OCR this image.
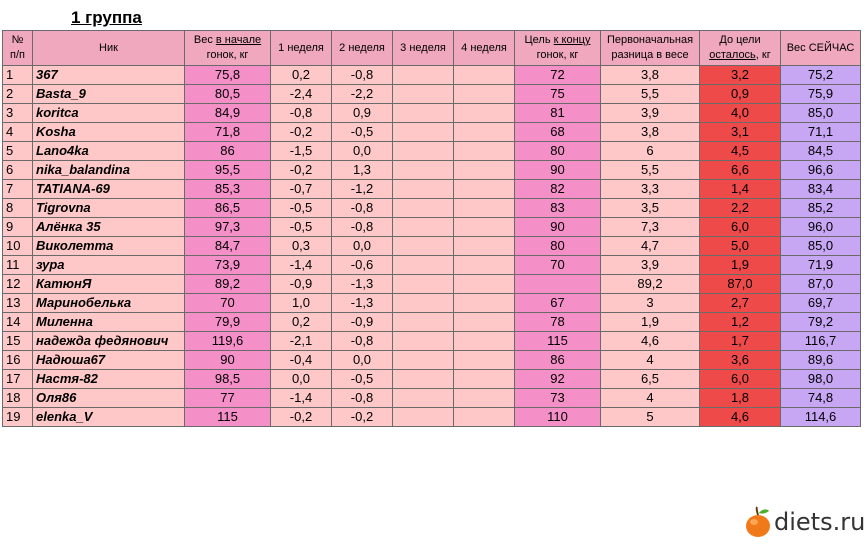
1 группа
№
п/п	Ник	Вес в начале гонок, кг	1 неделя	2 неделя	3 неделя	4 неделя	Цель к концу гонок, кг	Первоначальная разница в весе	До цели осталось, кг	Вес СЕЙЧАС
1	367	75,8	0,2	-0,8			72	3,8	3,2	75,2
2	Basta_9	80,5	-2,4	-2,2			75	5,5	0,9	75,9
3	koritca	84,9	-0,8	0,9			81	3,9	4,0	85,0
4	Kosha	71,8	-0,2	-0,5			68	3,8	3,1	71,1
5	Lano4ka	86	-1,5	0,0			80	6	4,5	84,5
6	nika_balandina	95,5	-0,2	1,3			90	5,5	6,6	96,6
7	TATIANA-69	85,3	-0,7	-1,2			82	3,3	1,4	83,4
8	Tigrovna	86,5	-0,5	-0,8			83	3,5	2,2	85,2
9	Алёнка 35	97,3	-0,5	-0,8			90	7,3	6,0	96,0
10	Виколетта	84,7	0,3	0,0			80	4,7	5,0	85,0
11	зура	73,9	-1,4	-0,6			70	3,9	1,9	71,9
12	КатюнЯ	89,2	-0,9	-1,3				89,2	87,0	87,0
13	Маринобелька	70	1,0	-1,3			67	3	2,7	69,7
14	Миленна	79,9	0,2	-0,9			78	1,9	1,2	79,2
15	надежда федянович	119,6	-2,1	-0,8			115	4,6	1,7	116,7
16	Надюша67	90	-0,4	0,0			86	4	3,6	89,6
17	Настя-82	98,5	0,0	-0,5			92	6,5	6,0	98,0
18	Оля86	77	-1,4	-0,8			73	4	1,8	74,8
19	elenka_V	115	-0,2	-0,2			110	5	4,6	114,6
diets.ru
